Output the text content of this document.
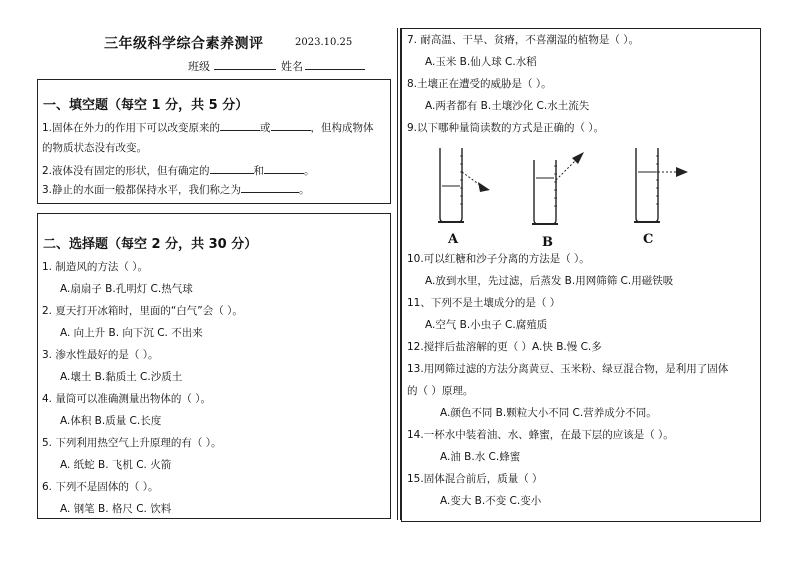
三年级科学综合素养测评	2023.10.25
班级	姓名
一、填空题（每空 1 分，共 5 分）
1.固体在外力的作用下可以改变原来的	或	，但构成物体
的物质状态没有改变。
2.液体没有固定的形状，但有确定的	和	。
3.静止的水面一般都保持水平，我们称之为	。
二、选择题（每空 2 分，共 30 分）
1. 制造风的方法（ ）。
A.扇扇子 B.孔明灯 C.热气球
2. 夏天打开冰箱时，里面的“白气”会（ ）。
A. 向上升 B. 向下沉 C. 不出来
3. 渗水性最好的是（ ）。
A.壤土 B.黏质土 C.沙质土
4. 量筒可以准确测量出物体的（ ）。
A.体积 B.质量 C.长度
5. 下列利用热空气上升原理的有（ ）。
A. 纸蛇 B. 飞机 C. 火箭
6. 下列不是固体的（ ）。
A. 钢笔 B. 格尺 C. 饮料
7. 耐高温、干旱、贫瘠，不喜潮湿的植物是（ ）。
A.玉米 B.仙人球 C.水稻
8.土壤正在遭受的威胁是（ ）。
A.两者都有 B.土壤沙化 C.水土流失
9.以下哪种量筒读数的方式是正确的（ ）。
A	B	C
10.可以红糖和沙子分离的方法是（ ）。
A.放到水里，先过滤，后蒸发 B.用网筛筛 C.用磁铁吸
11、下列不是土壤成分的是（ ）
A.空气 B.小虫子 C.腐殖质
12.搅拌后盐溶解的更（ ）A.快 B.慢 C.多
13.用网筛过滤的方法分离黄豆、玉米粉、绿豆混合物，是利用了固体
的（ ）原理。
A.颜色不同 B.颗粒大小不同 C.营养成分不同。
14.一杯水中装着油、水、蜂蜜，在最下层的应该是（ ）。
A.油 B.水 C.蜂蜜
15.固体混合前后，质量（ ）
A.变大 B.不变 C.变小
